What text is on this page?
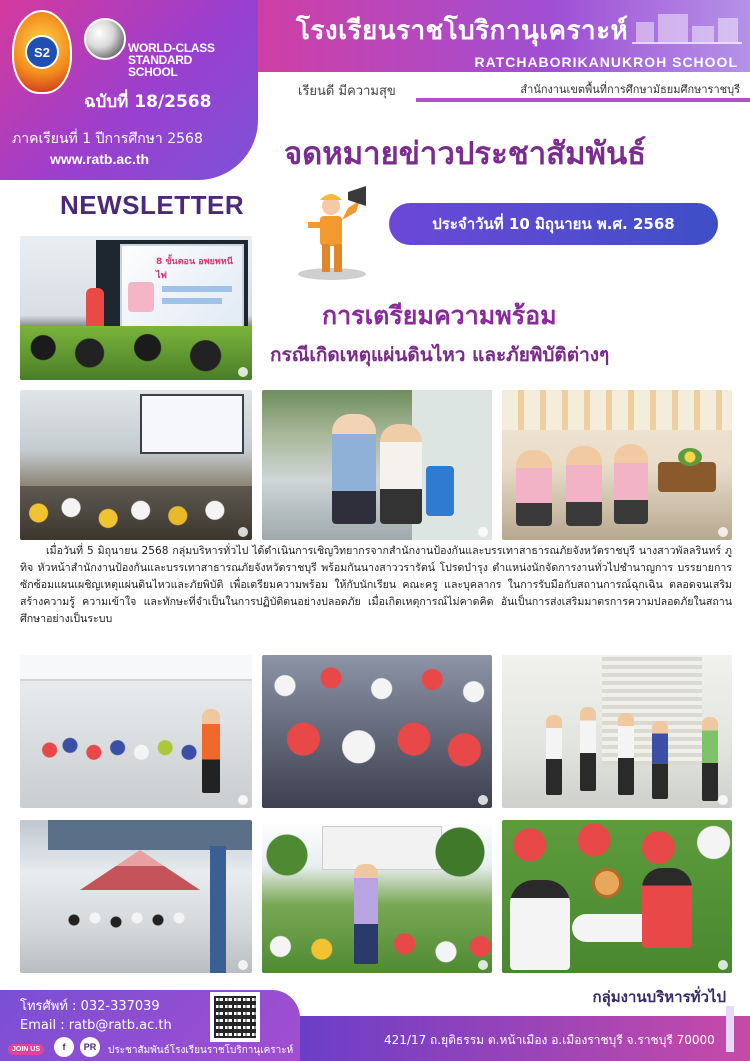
S2	WORLD-CLASS STANDARD SCHOOL
ฉบับที่ 18/2568
ภาคเรียนที่ 1 ปีการศึกษา 2568
www.ratb.ac.th
โรงเรียนราชโบริกานุเคราะห์
RATCHABORIKANUKROH SCHOOL
เรียนดี มีความสุข	สำนักงานเขตพื้นที่การศึกษามัธยมศึกษาราชบุรี
จดหมายข่าวประชาสัมพันธ์
NEWSLETTER
ประจำวันที่ 10 มิถุนายน พ.ศ. 2568
การเตรียมความพร้อม
กรณีเกิดเหตุแผ่นดินไหว และภัยพิบัติต่างๆ
8 ขั้นตอน อพยพหนีไฟ

เมื่อวันที่ 5 มิถุนายน 2568 กลุ่มบริหารทั่วไป ได้ดำเนินการเชิญวิทยากรจากสำนักงานป้องกันและบรรเทาสาธารณภัยจังหวัดราชบุรี นางสาวพัลลรินทร์ ภูทิจ หัวหน้าสำนักงานป้องกันและบรรเทาสาธารณภัยจังหวัดราชบุรี พร้อมกันนางสาววรารัตน์ โปรดบำรุง ตำแหน่งนักจัดการงานทั่วไปชำนาญการ บรรยายการซักซ้อมแผนเผชิญเหตุแผ่นดินไหวและภัยพิบัติ เพื่อเตรียมความพร้อม ให้กับนักเรียน คณะครู และบุคลากร ในการรับมือกับสถานการณ์ฉุกเฉิน ตลอดจนเสริมสร้างความรู้ ความเข้าใจ และทักษะที่จำเป็นในการปฏิบัติตนอย่างปลอดภัย เมื่อเกิดเหตุการณ์ไม่คาดคิด อันเป็นการส่งเสริมมาตรการความปลอดภัยในสถานศึกษาอย่างเป็นระบบ

กลุ่มงานบริหารทั่วไป
โทรศัพท์ : 032-337039
Email : ratb@ratb.ac.th
JOIN US	f	PR	ประชาสัมพันธ์โรงเรียนราชโบริกานุเคราะห์
421/17 ถ.ยุติธรรม ต.หน้าเมือง อ.เมืองราชบุรี จ.ราชบุรี 70000
